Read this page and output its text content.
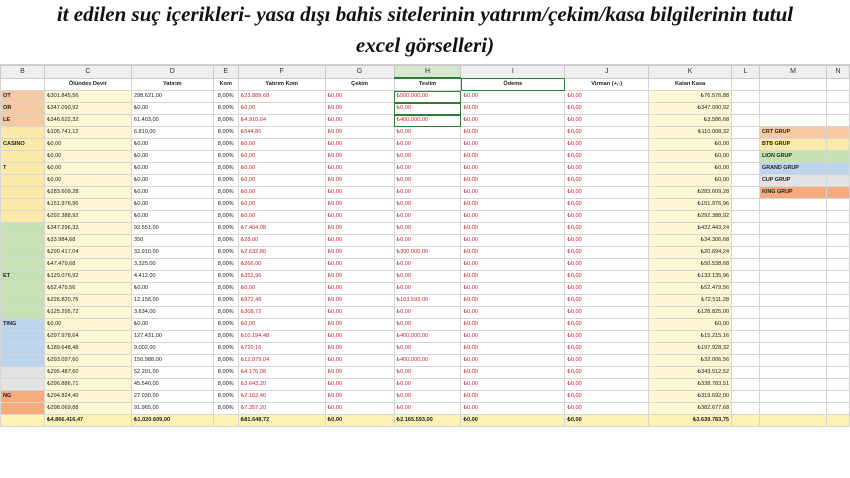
it edilen suç içerikleri- yasa dışı bahis sitelerinin yatırım/çekim/kasa bilgilerinin tutul
excel görselleri)
B	C	D	E	F	G	H	I	J	K	L	M	N
	Ölündes Devir	Yatırım	Kom	Yatırım Kom	Çekim	Teslim	Ödeme	Virman (+,-)	Kalan Kasa			
OT	₺301.845,56	298.621,00	8,00%	₺23.889,68	₺0,00	₺500.000,00	₺0,00	₺0,00	₺76.576,88			
OR	₺347.090,92	₺0,00	8,00%	₺0,00	₺0,00	₺0,00	₺0,00	₺0,00	₺347.090,92			
LE	₺346.622,32	61.403,00	8,00%	₺4.910,64	₺0,00	₺400.000,00	₺0,00	₺0,00	₺3.586,68			
	₺105.741,12	6.810,00	8,00%	₺544,80	₺0,00	₺0,00	₺0,00	₺0,00	₺110.008,32		CRT GRUP	
CASINO	₺0,00	₺0,00	8,00%	₺0,00	₺0,00	₺0,00	₺0,00	₺0,00	₺0,00		BTB GRUP	
	₺0,00	₺0,00	8,00%	₺0,00	₺0,00	₺0,00	₺0,00	₺0,00	₺0,00		LION GRUP	
T	₺0,00	₺0,00	8,00%	₺0,00	₺0,00	₺0,00	₺0,00	₺0,00	₺0,00		GRAND GRUP	
	₺0,00	₺0,00	8,00%	₺0,00	₺0,00	₺0,00	₺0,00	₺0,00	₺0,00		CUP GRUP	
	₺283.609,28	₺0,00	8,00%	₺0,00	₺0,00	₺0,00	₺0,00	₺0,00	₺283.609,28		KING GRUP	
	₺151.976,96	₺0,00	8,00%	₺0,00	₺0,00	₺0,00	₺0,00	₺0,00	₺151.976,96			
	₺292.388,92	₺0,00	8,00%	₺0,00	₺0,00	₺0,00	₺0,00	₺0,00	₺292.388,92			
	₺347.296,32	92.551,00	8,00%	₺7.404,08	₺0,00	₺0,00	₺0,00	₺0,00	₺432.443,24			
	₺33.984,68	350	8,00%	₺28,00	₺0,00	₺0,00	₺0,00	₺0,00	₺34.306,68			
	₺290.417,04	32.910,00	8,00%	₺2.632,80	₺0,00	₺300.000,00	₺0,00	₺0,00	₺20.694,24			
	₺47.479,68	3.325,00	8,00%	₺266,00	₺0,00	₺0,00	₺0,00	₺0,00	₺50.538,68			
ET	₺129.076,92	4.412,00	8,00%	₺352,96	₺0,00	₺0,00	₺0,00	₺0,00	₺133.135,96			
	₺52.479,56	₺0,00	8,00%	₺0,00	₺0,00	₺0,00	₺0,00	₺0,00	₺52.479,56			
	₺226.820,76	12.156,00	8,00%	₺972,48	₺0,00	₺163.593,00	₺0,00	₺0,00	₺72.511,28			
	₺125.295,72	3.634,00	8,00%	₺308,72	₺0,00	₺0,00	₺0,00	₺0,00	₺128.825,00			
TING	₺0,00	₺0,00	8,00%	₺0,00	₺0,00	₺0,00	₺0,00	₺0,00	₺0,00			
	₺297.978,64	127.431,00	8,00%	₺10.194,48	₺0,00	₺400.000,00	₺0,00	₺0,00	₺15.215,16			
	₺189.648,48	9.002,00	8,00%	₺720,16	₺0,00	₺0,00	₺0,00	₺0,00	₺197.928,32			
	₺293.097,60	150.988,00	8,00%	₺12.079,04	₺0,00	₺400.000,00	₺0,00	₺0,00	₺32.006,56			
	₺295.487,60	52.201,00	8,00%	₺4.176,08	₺0,00	₺0,00	₺0,00	₺0,00	₺343.512,52			
	₺296.886,71	45.540,00	8,00%	₺3.643,20	₺0,00	₺0,00	₺0,00	₺0,00	₺338.783,51			
NG	₺294.824,40	27.030,00	8,00%	₺2.162,40	₺0,00	₺0,00	₺0,00	₺0,00	₺319.692,00			
	₺298.069,88	91.965,00	8,00%	₺7.357,20	₺0,00	₺0,00	₺0,00	₺0,00	₺382.677,68			
	₺4.866.416,47	₺1.020.609,00		₺81.648,72	₺0,00	₺2.165.593,00	₺0,00	₺0,00	₺3.639.783,75			
